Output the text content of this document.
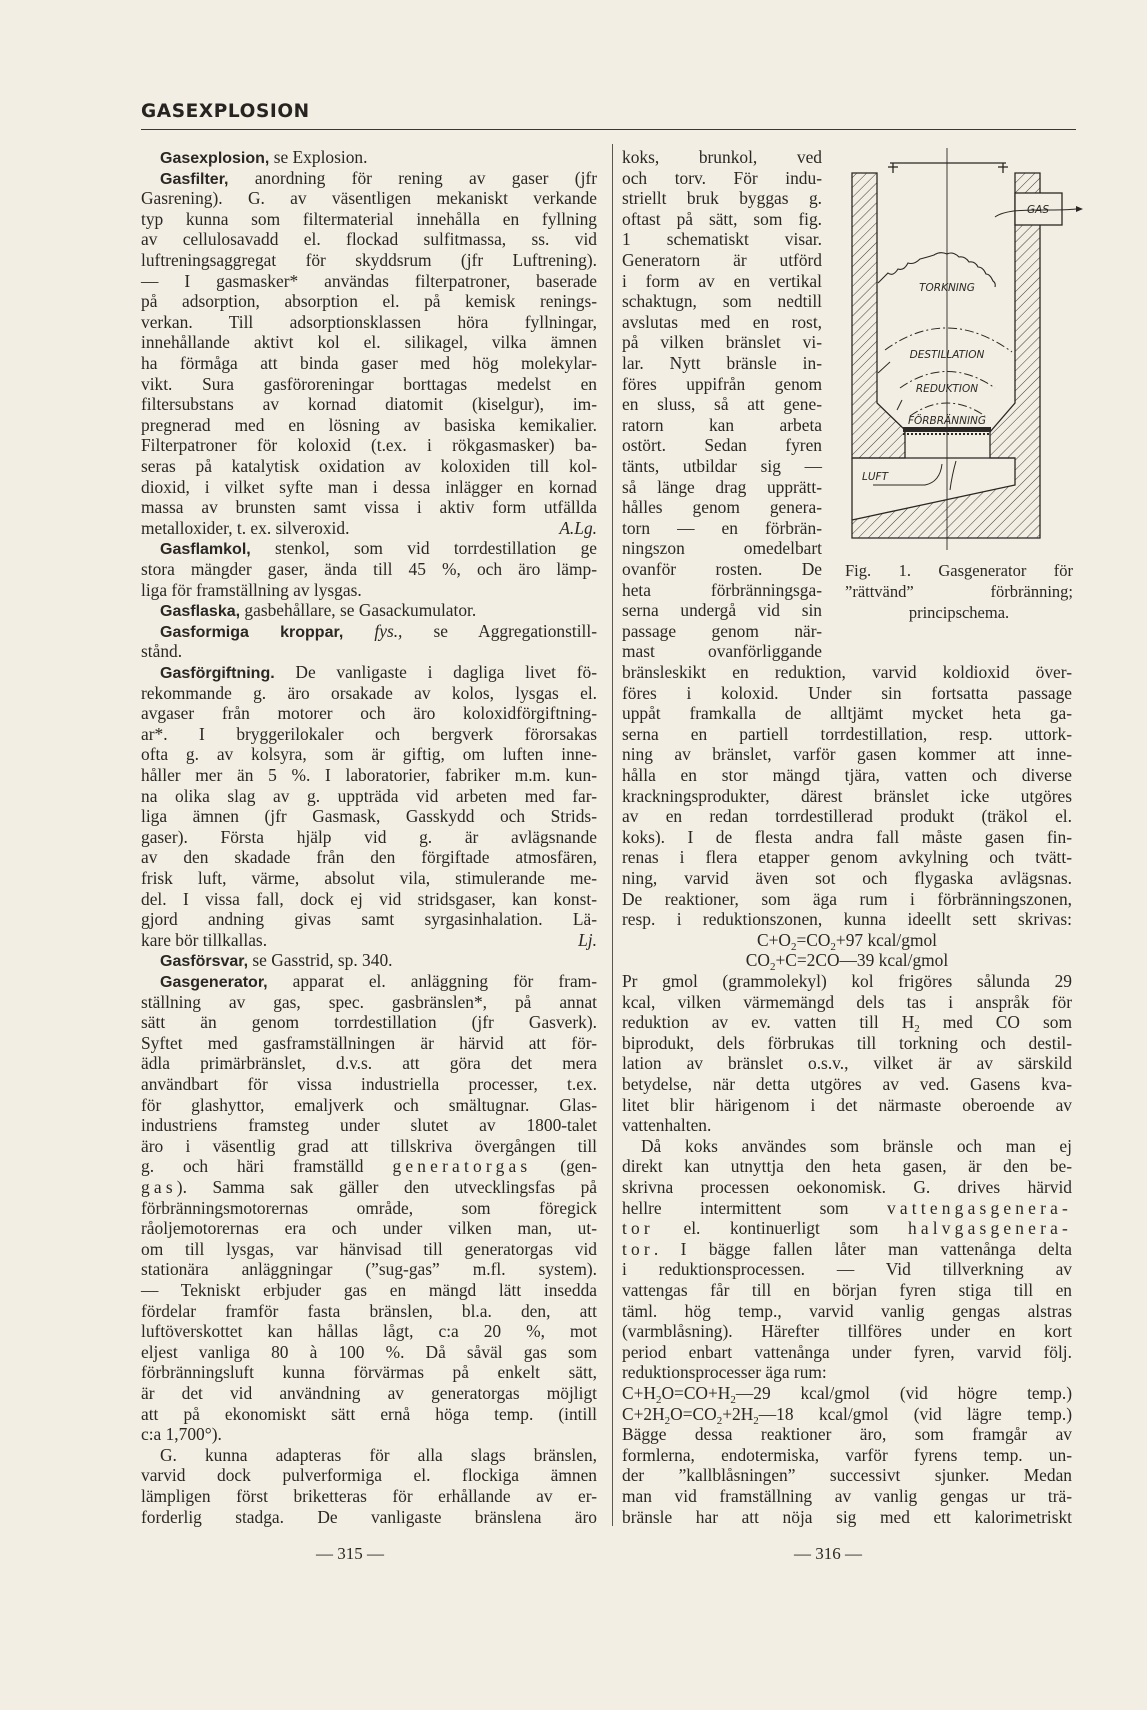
GASEXPLOSION
Gasexplosion, se Explosion.
Gasfilter, anordning för rening av gaser (jfr
Gasrening). G. av väsentligen mekaniskt verkande
typ kunna som filtermaterial innehålla en fyllning
av cellulosavadd el. flockad sulfitmassa, ss. vid
luftreningsaggregat för skyddsrum (jfr Luftrening).
— I gasmasker* användas filterpatroner, baserade
på adsorption, absorption el. på kemisk renings-
verkan. Till adsorptionsklassen höra fyllningar,
innehållande aktivt kol el. silikagel, vilka ämnen
ha förmåga att binda gaser med hög molekylar-
vikt. Sura gasföroreningar borttagas medelst en
filtersubstans av kornad diatomit (kiselgur), im-
pregnerad med en lösning av basiska kemikalier.
Filterpatroner för koloxid (t.ex. i rökgasmasker) ba-
seras på katalytisk oxidation av koloxiden till kol-
dioxid, i vilket syfte man i dessa inlägger en kornad
massa av brunsten samt vissa i aktiv form utfällda
metalloxider, t. ex. silveroxid.	A.Lg.
Gasflamkol, stenkol, som vid torrdestillation ge
stora mängder gaser, ända till 45 %, och äro lämp-
liga för framställning av lysgas.
Gasflaska, gasbehållare, se Gasackumulator.
Gasformiga kroppar, fys., se Aggregationstill-
stånd.
Gasförgiftning. De vanligaste i dagliga livet fö-
rekommande g. äro orsakade av kolos, lysgas el.
avgaser från motorer och äro koloxidförgiftning-
ar*. I bryggerilokaler och bergverk förorsakas
ofta g. av kolsyra, som är giftig, om luften inne-
håller mer än 5 %. I laboratorier, fabriker m.m. kun-
na olika slag av g. uppträda vid arbeten med far-
liga ämnen (jfr Gasmask, Gasskydd och Strids-
gaser). Första hjälp vid g. är avlägsnande
av den skadade från den förgiftade atmosfären,
frisk luft, värme, absolut vila, stimulerande me-
del. I vissa fall, dock ej vid stridsgaser, kan konst-
gjord andning givas samt syrgasinhalation. Lä-
kare bör tillkallas.	Lj.
Gasförsvar, se Gasstrid, sp. 340.
Gasgenerator, apparat el. anläggning för fram-
ställning av gas, spec. gasbränslen*, på annat
sätt än genom torrdestillation (jfr Gasverk).
Syftet med gasframställningen är härvid att för-
ädla primärbränslet, d.v.s. att göra det mera
användbart för vissa industriella processer, t.ex.
för glashyttor, emaljverk och smältugnar. Glas-
industriens framsteg under slutet av 1800-talet
äro i väsentlig grad att tillskriva övergången till
g. och häri framställd generatorgas (gen-
gas). Samma sak gäller den utvecklingsfas på
förbränningsmotorernas område, som föregick
råoljemotorernas era och under vilken man, ut-
om till lysgas, var hänvisad till generatorgas vid
stationära anläggningar (”sug-gas” m.fl. system).
— Tekniskt erbjuder gas en mängd lätt insedda
fördelar framför fasta bränslen, bl.a. den, att
luftöverskottet kan hållas lågt, c:a 20 %, mot
eljest vanliga 80 à 100 %. Då såväl gas som
förbränningsluft kunna förvärmas på enkelt sätt,
är det vid användning av generatorgas möjligt
att på ekonomiskt sätt ernå höga temp. (intill
c:a 1,700°).
G. kunna adapteras för alla slags bränslen,
varvid dock pulverformiga el. flockiga ämnen
lämpligen först briketteras för erhållande av er-
forderlig stadga. De vanligaste bränslena äro
koks, brunkol, ved
och torv. För indu-
striellt bruk byggas g.
oftast på sätt, som fig.
1 schematiskt visar.
Generatorn är utförd
i form av en vertikal
schaktugn, som nedtill
avslutas med en rost,
på vilken bränslet vi-
lar. Nytt bränsle in-
föres uppifrån genom
en sluss, så att gene-
ratorn kan arbeta
ostört. Sedan fyren
tänts, utbildar sig —
så länge drag upprätt-
hålles genom genera-
torn — en förbrän-
ningszon omedelbart
ovanför rosten. De
heta förbränningsga-
serna undergå vid sin
passage genom när-
mast ovanförliggande
bränsleskikt en reduktion, varvid koldioxid över-
föres i koloxid. Under sin fortsatta passage
uppåt framkalla de alltjämt mycket heta ga-
serna en partiell torrdestillation, resp. uttork-
ning av bränslet, varför gasen kommer att inne-
hålla en stor mängd tjära, vatten och diverse
krackningsprodukter, därest bränslet icke utgöres
av en redan torrdestillerad produkt (träkol el.
koks). I de flesta andra fall måste gasen fin-
renas i flera etapper genom avkylning och tvätt-
ning, varvid även sot och flygaska avlägsnas.
De reaktioner, som äga rum i förbränningszonen,
resp. i reduktionszonen, kunna ideellt sett skrivas:
$C+O_2=CO_2+97$ kcal/gmol
$CO_2+C=2CO—39$ kcal/gmol
Pr gmol (grammolekyl) kol frigöres sålunda 29
kcal, vilken värmemängd dels tas i anspråk för
reduktion av ev. vatten till $H_2$ med CO som
biprodukt, dels förbrukas till torkning och destil-
lation av bränslet o.s.v., vilket är av särskild
betydelse, när detta utgöres av ved. Gasens kva-
litet blir härigenom i det närmaste oberoende av
vattenhalten.
Då koks användes som bränsle och man ej
direkt kan utnyttja den heta gasen, är den be-
skrivna processen oekonomisk. G. drives härvid
hellre intermittent som vattengasgenera-
tor el. kontinuerligt som halvgasgenera-
tor. I bägge fallen låter man vattenånga delta
i reduktionsprocessen. — Vid tillverkning av
vattengas får till en början fyren stiga till en
täml. hög temp., varvid vanlig gengas alstras
(varmblåsning). Härefter tillföres under en kort
period enbart vattenånga under fyren, varvid följ.
reduktionsprocesser äga rum:
$C+H_2O=CO+H_2—29$ kcal/gmol (vid högre temp.)
$C+2H_2O=CO_2+2H_2—18$ kcal/gmol (vid lägre temp.)
Bägge dessa reaktioner äro, som framgår av
formlerna, endotermiska, varför fyrens temp. un-
der ”kallblåsningen” successivt sjunker. Medan
man vid framställning av vanlig gengas ur trä-
bränsle har att nöja sig med ett kalorimetriskt
GAS
TORKNING
DESTILLATION
REDUKTION
FÖRBRÄNNING
LUFT
Fig. 1. Gasgenerator för
”rättvänd” förbränning;
principschema.
— 315 —	— 316 —
